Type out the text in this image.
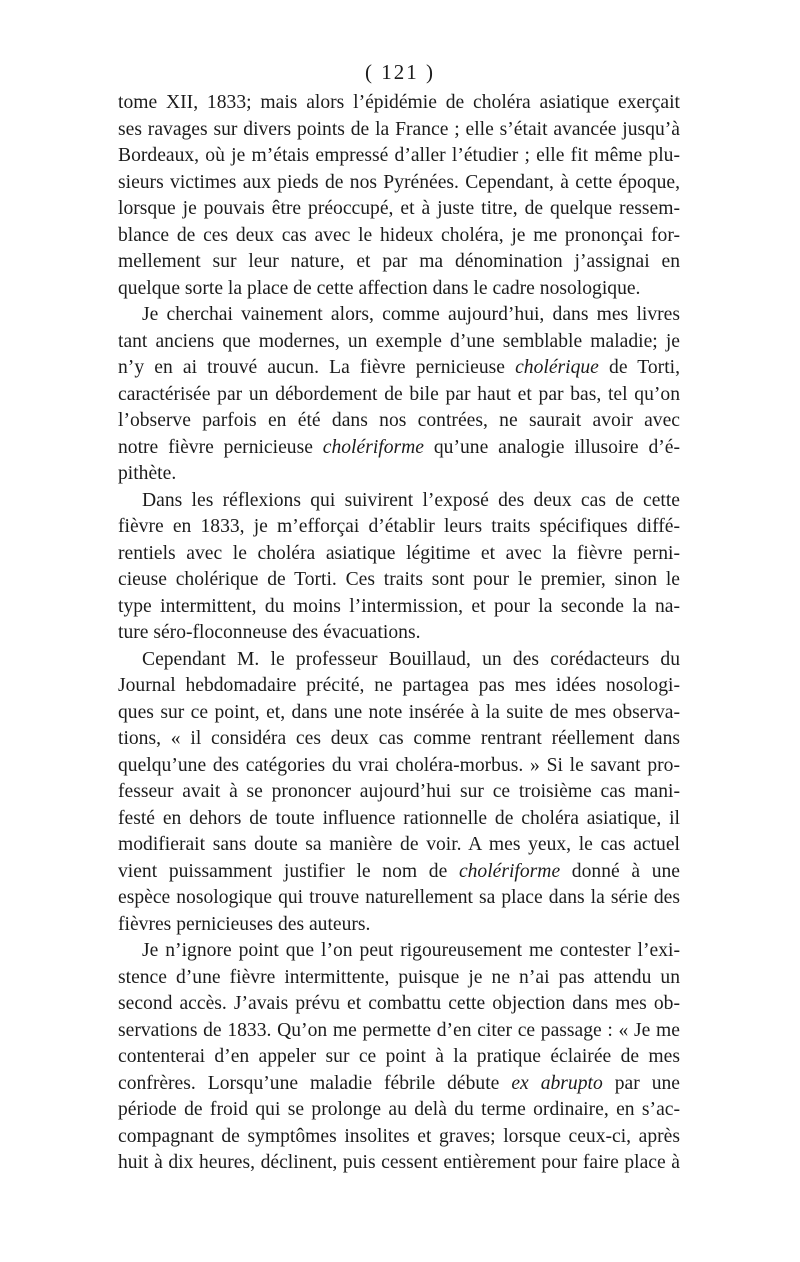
( 121 )
tome XII, 1833; mais alors l’épidémie de choléra asiatique exerçait
ses ravages sur divers points de la France ; elle s’était avancée jusqu’à
Bordeaux, où je m’étais empressé d’aller l’étudier ; elle fit même plu-
sieurs victimes aux pieds de nos Pyrénées. Cependant, à cette époque,
lorsque je pouvais être préoccupé, et à juste titre, de quelque ressem-
blance de ces deux cas avec le hideux choléra, je me prononçai for-
mellement sur leur nature, et par ma dénomination j’assignai en
quelque sorte la place de cette affection dans le cadre nosologique.
Je cherchai vainement alors, comme aujourd’hui, dans mes livres
tant anciens que modernes, un exemple d’une semblable maladie; je
n’y en ai trouvé aucun. La fièvre pernicieuse cholérique de Torti,
caractérisée par un débordement de bile par haut et par bas, tel qu’on
l’observe parfois en été dans nos contrées, ne saurait avoir avec
notre fièvre pernicieuse cholériforme qu’une analogie illusoire d’é-
pithète.
Dans les réflexions qui suivirent l’exposé des deux cas de cette
fièvre en 1833, je m’efforçai d’établir leurs traits spécifiques diffé-
rentiels avec le choléra asiatique légitime et avec la fièvre perni-
cieuse cholérique de Torti. Ces traits sont pour le premier, sinon le
type intermittent, du moins l’intermission, et pour la seconde la na-
ture séro-floconneuse des évacuations.
Cependant M. le professeur Bouillaud, un des corédacteurs du
Journal hebdomadaire précité, ne partagea pas mes idées nosologi-
ques sur ce point, et, dans une note insérée à la suite de mes observa-
tions, « il considéra ces deux cas comme rentrant réellement dans
quelqu’une des catégories du vrai choléra-morbus. » Si le savant pro-
fesseur avait à se prononcer aujourd’hui sur ce troisième cas mani-
festé en dehors de toute influence rationnelle de choléra asiatique, il
modifierait sans doute sa manière de voir. A mes yeux, le cas actuel
vient puissamment justifier le nom de cholériforme donné à une
espèce nosologique qui trouve naturellement sa place dans la série des
fièvres pernicieuses des auteurs.
Je n’ignore point que l’on peut rigoureusement me contester l’exi-
stence d’une fièvre intermittente, puisque je ne n’ai pas attendu un
second accès. J’avais prévu et combattu cette objection dans mes ob-
servations de 1833. Qu’on me permette d’en citer ce passage : « Je me
contenterai d’en appeler sur ce point à la pratique éclairée de mes
confrères. Lorsqu’une maladie fébrile débute ex abrupto par une
période de froid qui se prolonge au delà du terme ordinaire, en s’ac-
compagnant de symptômes insolites et graves; lorsque ceux-ci, après
huit à dix heures, déclinent, puis cessent entièrement pour faire place à
